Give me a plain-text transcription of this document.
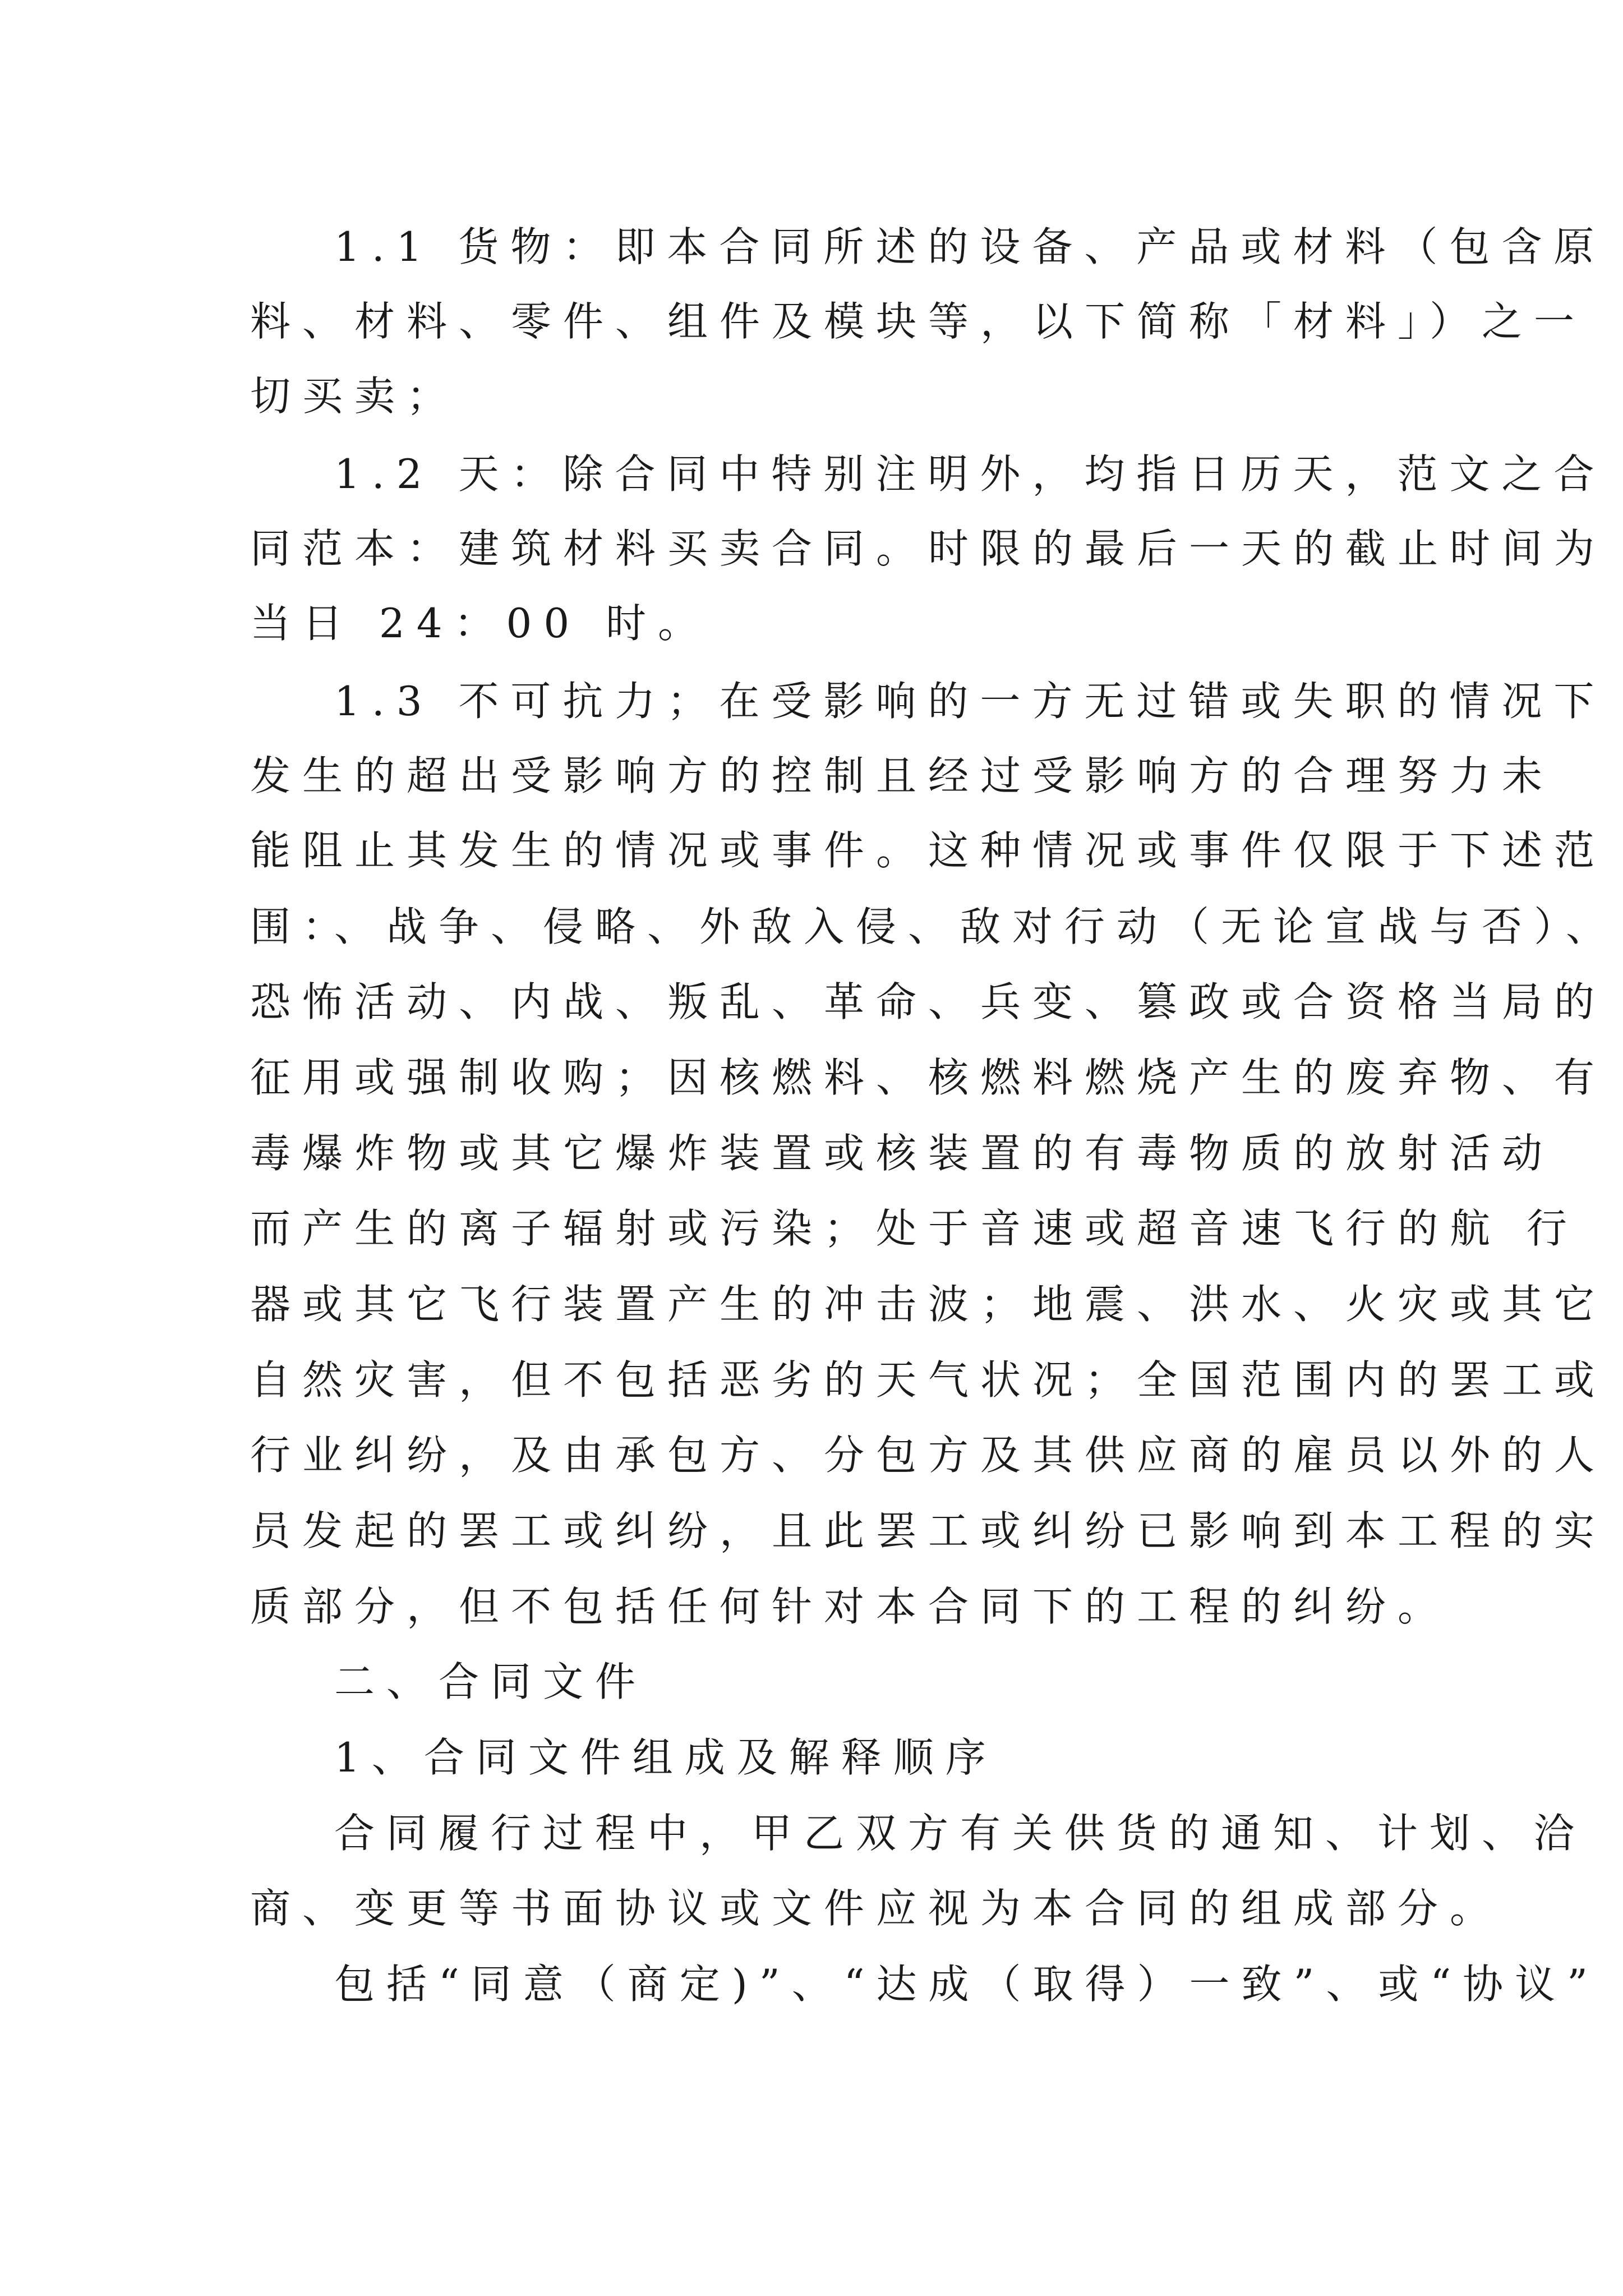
1.1 货物：即本合同所述的设备、产品或材料（包含原
料、材料、零件、组件及模块等，以下简称「材料」）之一
切买卖；
1.2 天：除合同中特别注明外，均指日历天，范文之合
同范本：建筑材料买卖合同。时限的最后一天的截止时间为
当日 24：00 时。
1.3 不可抗力；在受影响的一方无过错或失职的情况下
发生的超出受影响方的控制且经过受影响方的合理努力未
能阻止其发生的情况或事件。这种情况或事件仅限于下述范
围：、战争、侵略、外敌入侵、敌对行动（无论宣战与否）、
恐怖活动、内战、叛乱、革命、兵变、篡政或合资格当局的
征用或强制收购；因核燃料、核燃料燃烧产生的废弃物、有
毒爆炸物或其它爆炸装置或核装置的有毒物质的放射活动
而产生的离子辐射或污染；处于音速或超音速飞行的航 行
器或其它飞行装置产生的冲击波；地震、洪水、火灾或其它
自然灾害，但不包括恶劣的天气状况；全国范围内的罢工或
行业纠纷，及由承包方、分包方及其供应商的雇员以外的人
员发起的罢工或纠纷，且此罢工或纠纷已影响到本工程的实
质部分，但不包括任何针对本合同下的工程的纠纷。
二、合同文件
1、合同文件组成及解释顺序
合同履行过程中，甲乙双方有关供货的通知、计划、洽
商、变更等书面协议或文件应视为本合同的组成部分。
包括“同意（商定)”、“达成（取得）一致”、或“协议”
